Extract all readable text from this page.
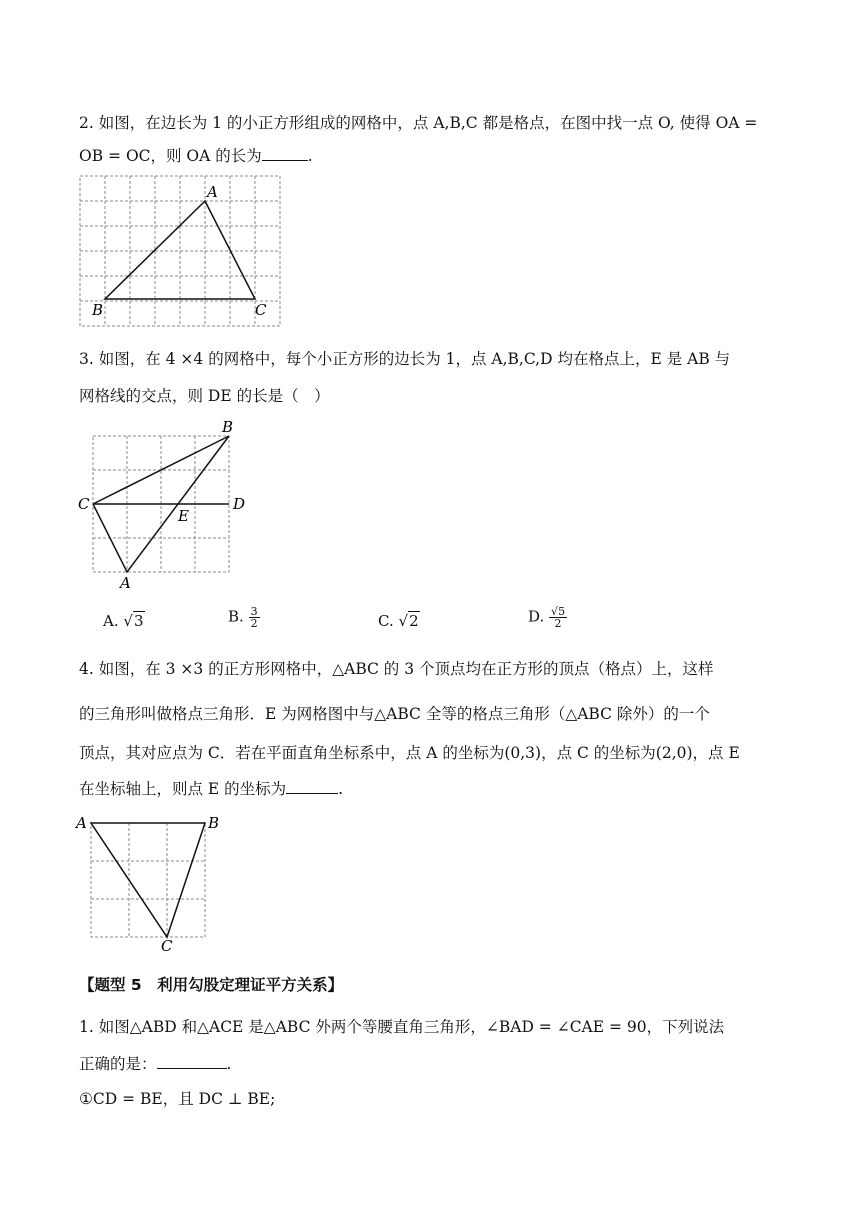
2. 如图，在边长为 1 的小正方形组成的网格中，点 A,B,C 都是格点，在图中找一点 O, 使得 OA =
OB = OC，则 OA 的长为	.
A
B	C
3. 如图，在 4 ×4 的网格中，每个小正方形的边长为 1，点 A,B,C,D 均在格点上，E 是 AB 与
网格线的交点，则 DE 的长是（　）
B
C	D
E
A
A. √3	B. $\frac{3}{2}$	C. √2	D. $\frac{√5}{2}$
4. 如图，在 3 ×3 的正方形网格中，△ABC 的 3 个顶点均在正方形的顶点（格点）上，这样
的三角形叫做格点三角形．E 为网格图中与△ABC 全等的格点三角形（△ABC 除外）的一个
顶点，其对应点为 C．若在平面直角坐标系中，点 A 的坐标为(0,3)，点 C 的坐标为(2,0)，点 E
在坐标轴上，则点 E 的坐标为	.
A	B
C
【题型 5　利用勾股定理证平方关系】
1. 如图△ABD 和△ACE 是△ABC 外两个等腰直角三角形，∠BAD = ∠CAE = 90，下列说法
正确的是：	.
①CD = BE，且 DC ⊥ BE;
